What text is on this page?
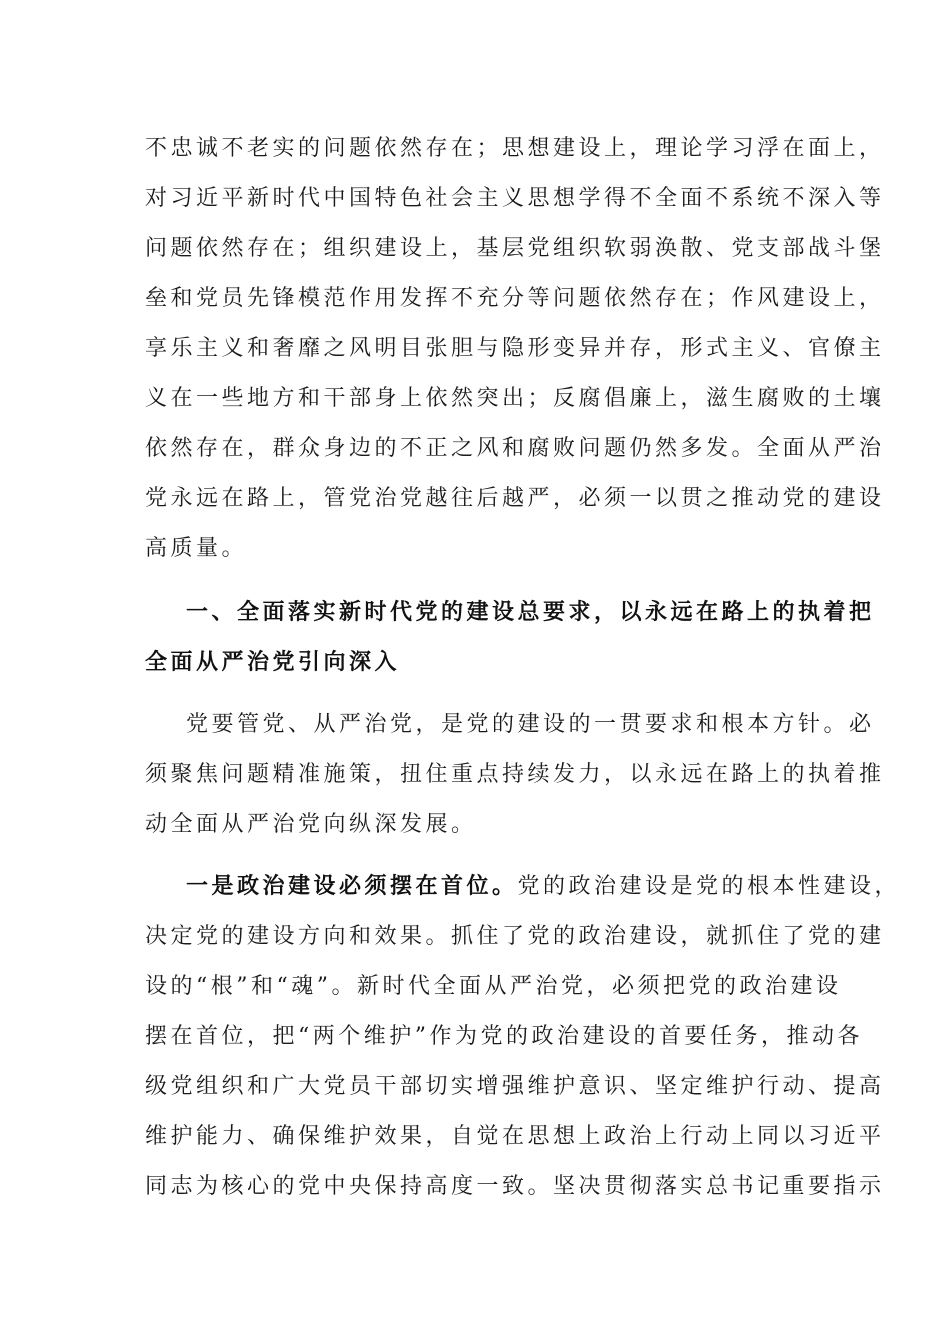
不忠诚不老实的问题依然存在；思想建设上，理论学习浮在面上，
对习近平新时代中国特色社会主义思想学得不全面不系统不深入等
问题依然存在；组织建设上，基层党组织软弱涣散、党支部战斗堡
垒和党员先锋模范作用发挥不充分等问题依然存在；作风建设上，
享乐主义和奢靡之风明目张胆与隐形变异并存，形式主义、官僚主
义在一些地方和干部身上依然突出；反腐倡廉上，滋生腐败的土壤
依然存在，群众身边的不正之风和腐败问题仍然多发。全面从严治
党永远在路上，管党治党越往后越严，必须一以贯之推动党的建设
高质量。
一、全面落实新时代党的建设总要求，以永远在路上的执着把
全面从严治党引向深入
党要管党、从严治党，是党的建设的一贯要求和根本方针。必
须聚焦问题精准施策，扭住重点持续发力，以永远在路上的执着推
动全面从严治党向纵深发展。
一是政治建设必须摆在首位。党的政治建设是党的根本性建设，
决定党的建设方向和效果。抓住了党的政治建设，就抓住了党的建
设的“根”和“魂”。新时代全面从严治党，必须把党的政治建设
摆在首位，把“两个维护”作为党的政治建设的首要任务，推动各
级党组织和广大党员干部切实增强维护意识、坚定维护行动、提高
维护能力、确保维护效果，自觉在思想上政治上行动上同以习近平
同志为核心的党中央保持高度一致。坚决贯彻落实总书记重要指示
